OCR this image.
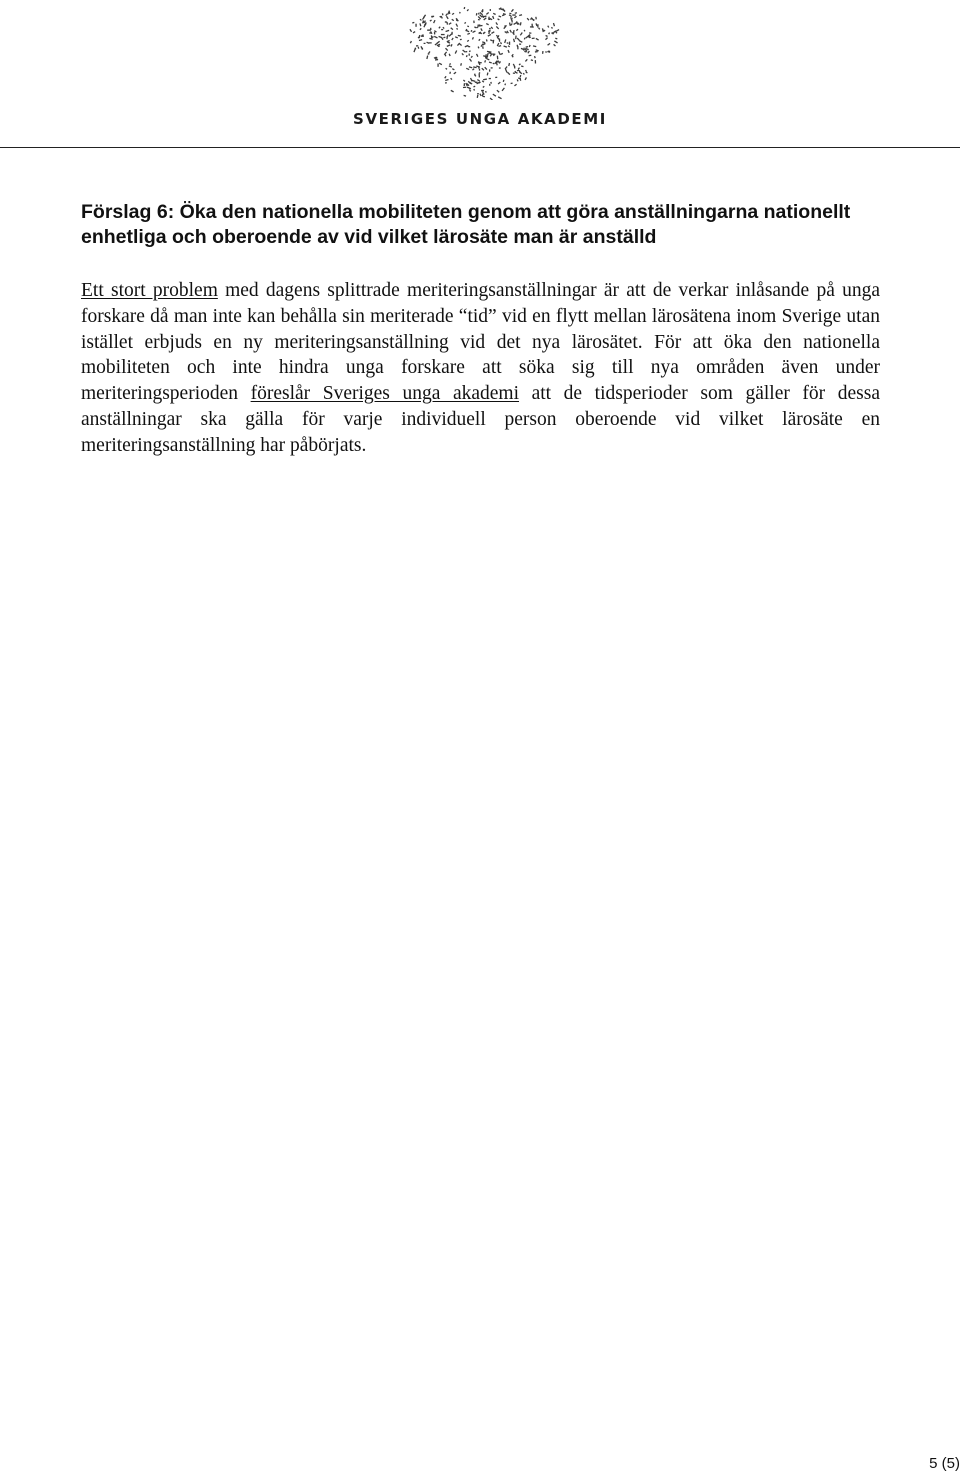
SVERIGES UNGA AKADEMI
Förslag 6: Öka den nationella mobiliteten genom att göra anställningarna nationellt enhetliga och oberoende av vid vilket lärosäte man är anställd

Ett stort problem med dagens splittrade meriteringsanställningar är att de verkar inlåsande på unga forskare då man inte kan behålla sin meriterade “tid” vid en flytt mellan lärosätena inom Sverige utan istället erbjuds en ny meriteringsanställning vid det nya lärosätet. För att öka den nationella mobiliteten och inte hindra unga forskare att söka sig till nya områden även under meriteringsperioden föreslår Sveriges unga akademi att de tidsperioder som gäller för dessa anställningar ska gälla för varje individuell person oberoende vid vilket lärosäte en meriteringsanställning har påbörjats.

5 (5)
